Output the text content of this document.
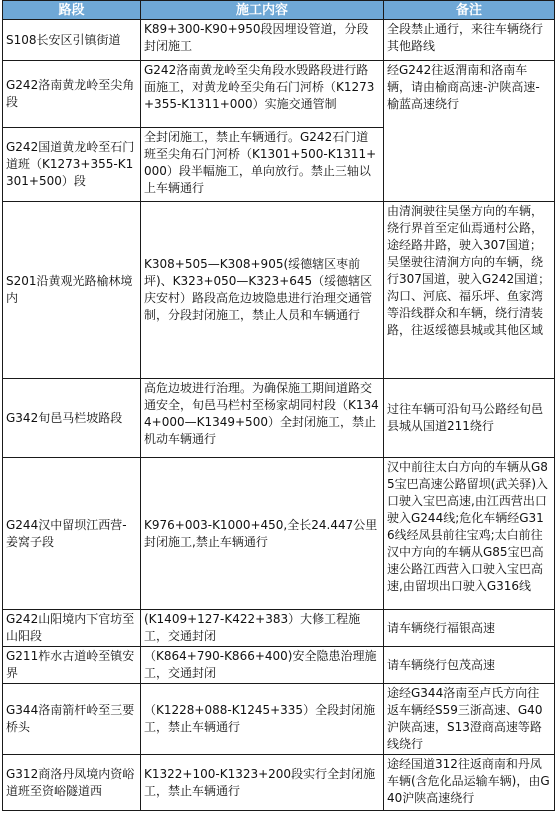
路段	施工内容	备注
S108长安区引镇街道	K89+300-K90+950段因埋设管道，分段封闭施工	全段禁止通行，来往车辆绕行其他路线
G242洛南黄龙岭至尖角段	G242洛南黄龙岭至尖角段水毁路段进行路面施工，对黄龙岭至尖角石门河桥（K1273+355-K1311+000）实施交通管制	经G242往返渭南和洛南车辆，请由榆商高速-沪陕高速-榆蓝高速绕行
G242国道黄龙岭至石门道班（K1273+355-K1301+500）段	全封闭施工，禁止车辆通行。G242石门道班至尖角石门河桥（K1301+500-K1311+000）段半幅施工，单向放行。禁止三轴以上车辆通行	
S201沿黄观光路榆林境内	K308+505—K308+905(绥德辖区枣前坪)、K323+050—K323+645（绥德辖区庆安村）路段高危边坡隐患进行治理交通管制，分段封闭施工，禁止人员和车辆通行	由清涧驶往吴堡方向的车辆，绕行界首至定仙焉通村公路，途经路井路，驶入307国道；吴堡驶往清涧方向的车辆，绕行307国道，驶入G242国道；沟口、河底、福乐坪、鱼家湾等沿线群众和车辆，绕行清装路，往返绥德县城或其他区域
G342旬邑马栏坡路段	高危边坡进行治理。为确保施工期间道路交通安全，旬邑马栏村至杨家胡同村段（K1344+000—K1349+500）全封闭施工，禁止机动车辆通行	过往车辆可沿旬马公路经旬邑县城从国道211绕行
G244汉中留坝江西营-姜窝子段	K976+003-K1000+450,全长24.447公里封闭施工,禁止车辆通行	汉中前往太白方向的车辆从G85宝巴高速公路留坝(武关驿)入口驶入宝巴高速,由江西营出口驶入G244线;危化车辆经G316线经凤县前往宝鸡;太白前往汉中方向的车辆从G85宝巴高速公路江西营入口驶入宝巴高速,由留坝出口驶入G316线
G242山阳境内下官坊至山阳段	(K1409+127-K422+383）大修工程施工，交通封闭	请车辆绕行福银高速
G211柞水古道岭至镇安界	（K864+790-K866+400)安全隐患治理施工，交通封闭	请车辆绕行包茂高速
G344洛南箭杆岭至三要桥头	（K1228+088-K1245+335）全段封闭施工，禁止车辆通行	途经G344洛南至卢氏方向往返车辆经S59三浙高速、G40沪陕高速，S13澄商高速等路线绕行
G312商洛丹凤境内资峪道班至资峪隧道西	K1322+100-K1323+200段实行全封闭施工，禁止车辆通行	途经国道312往返商南和丹凤车辆(含危化品运输车辆)，由G40沪陕高速绕行
